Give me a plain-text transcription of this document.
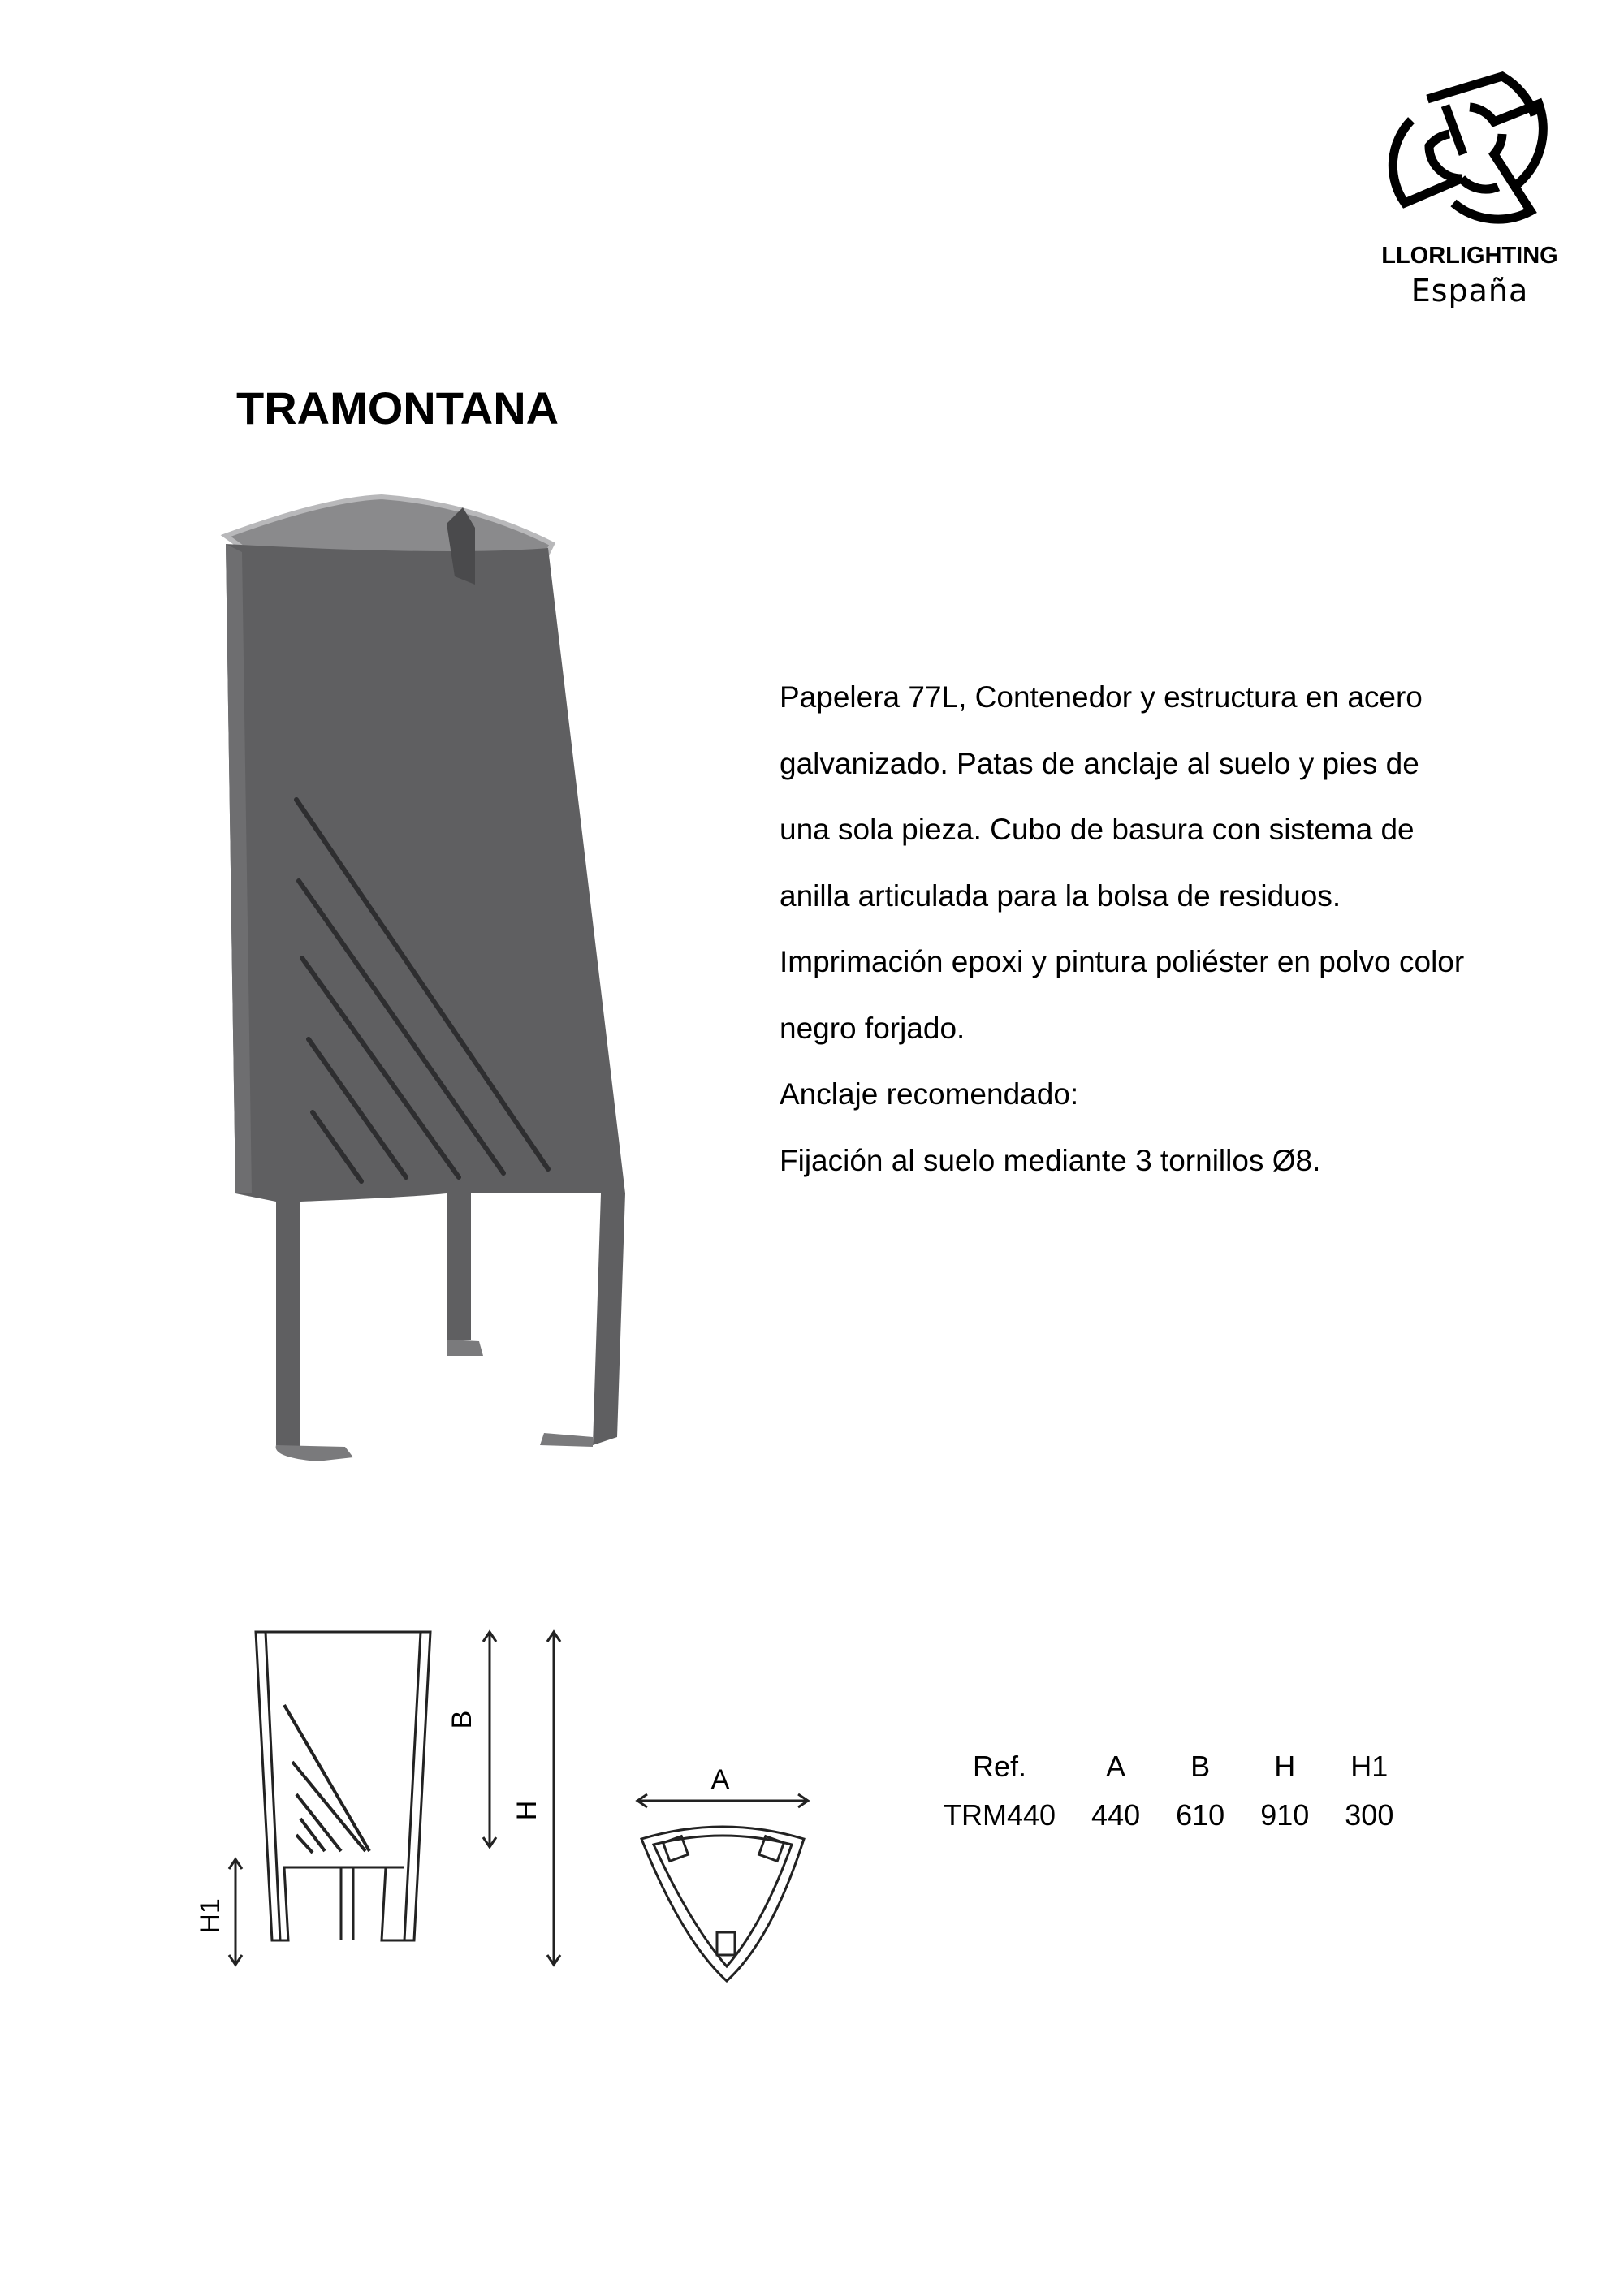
LLORLIGHTING
España
TRAMONTANA
B
H
H1
A
Papelera 77L, Contenedor y estructura en acero
galvanizado. Patas de anclaje al suelo y pies de
una sola pieza. Cubo de basura con sistema de
anilla articulada para la bolsa de residuos.
Imprimación epoxi y pintura poliéster en polvo color
negro forjado.
Anclaje recomendado:
Fijación al suelo mediante 3 tornillos Ø8.
Ref.	A	B	H	H1
TRM440	440	610	910	300
